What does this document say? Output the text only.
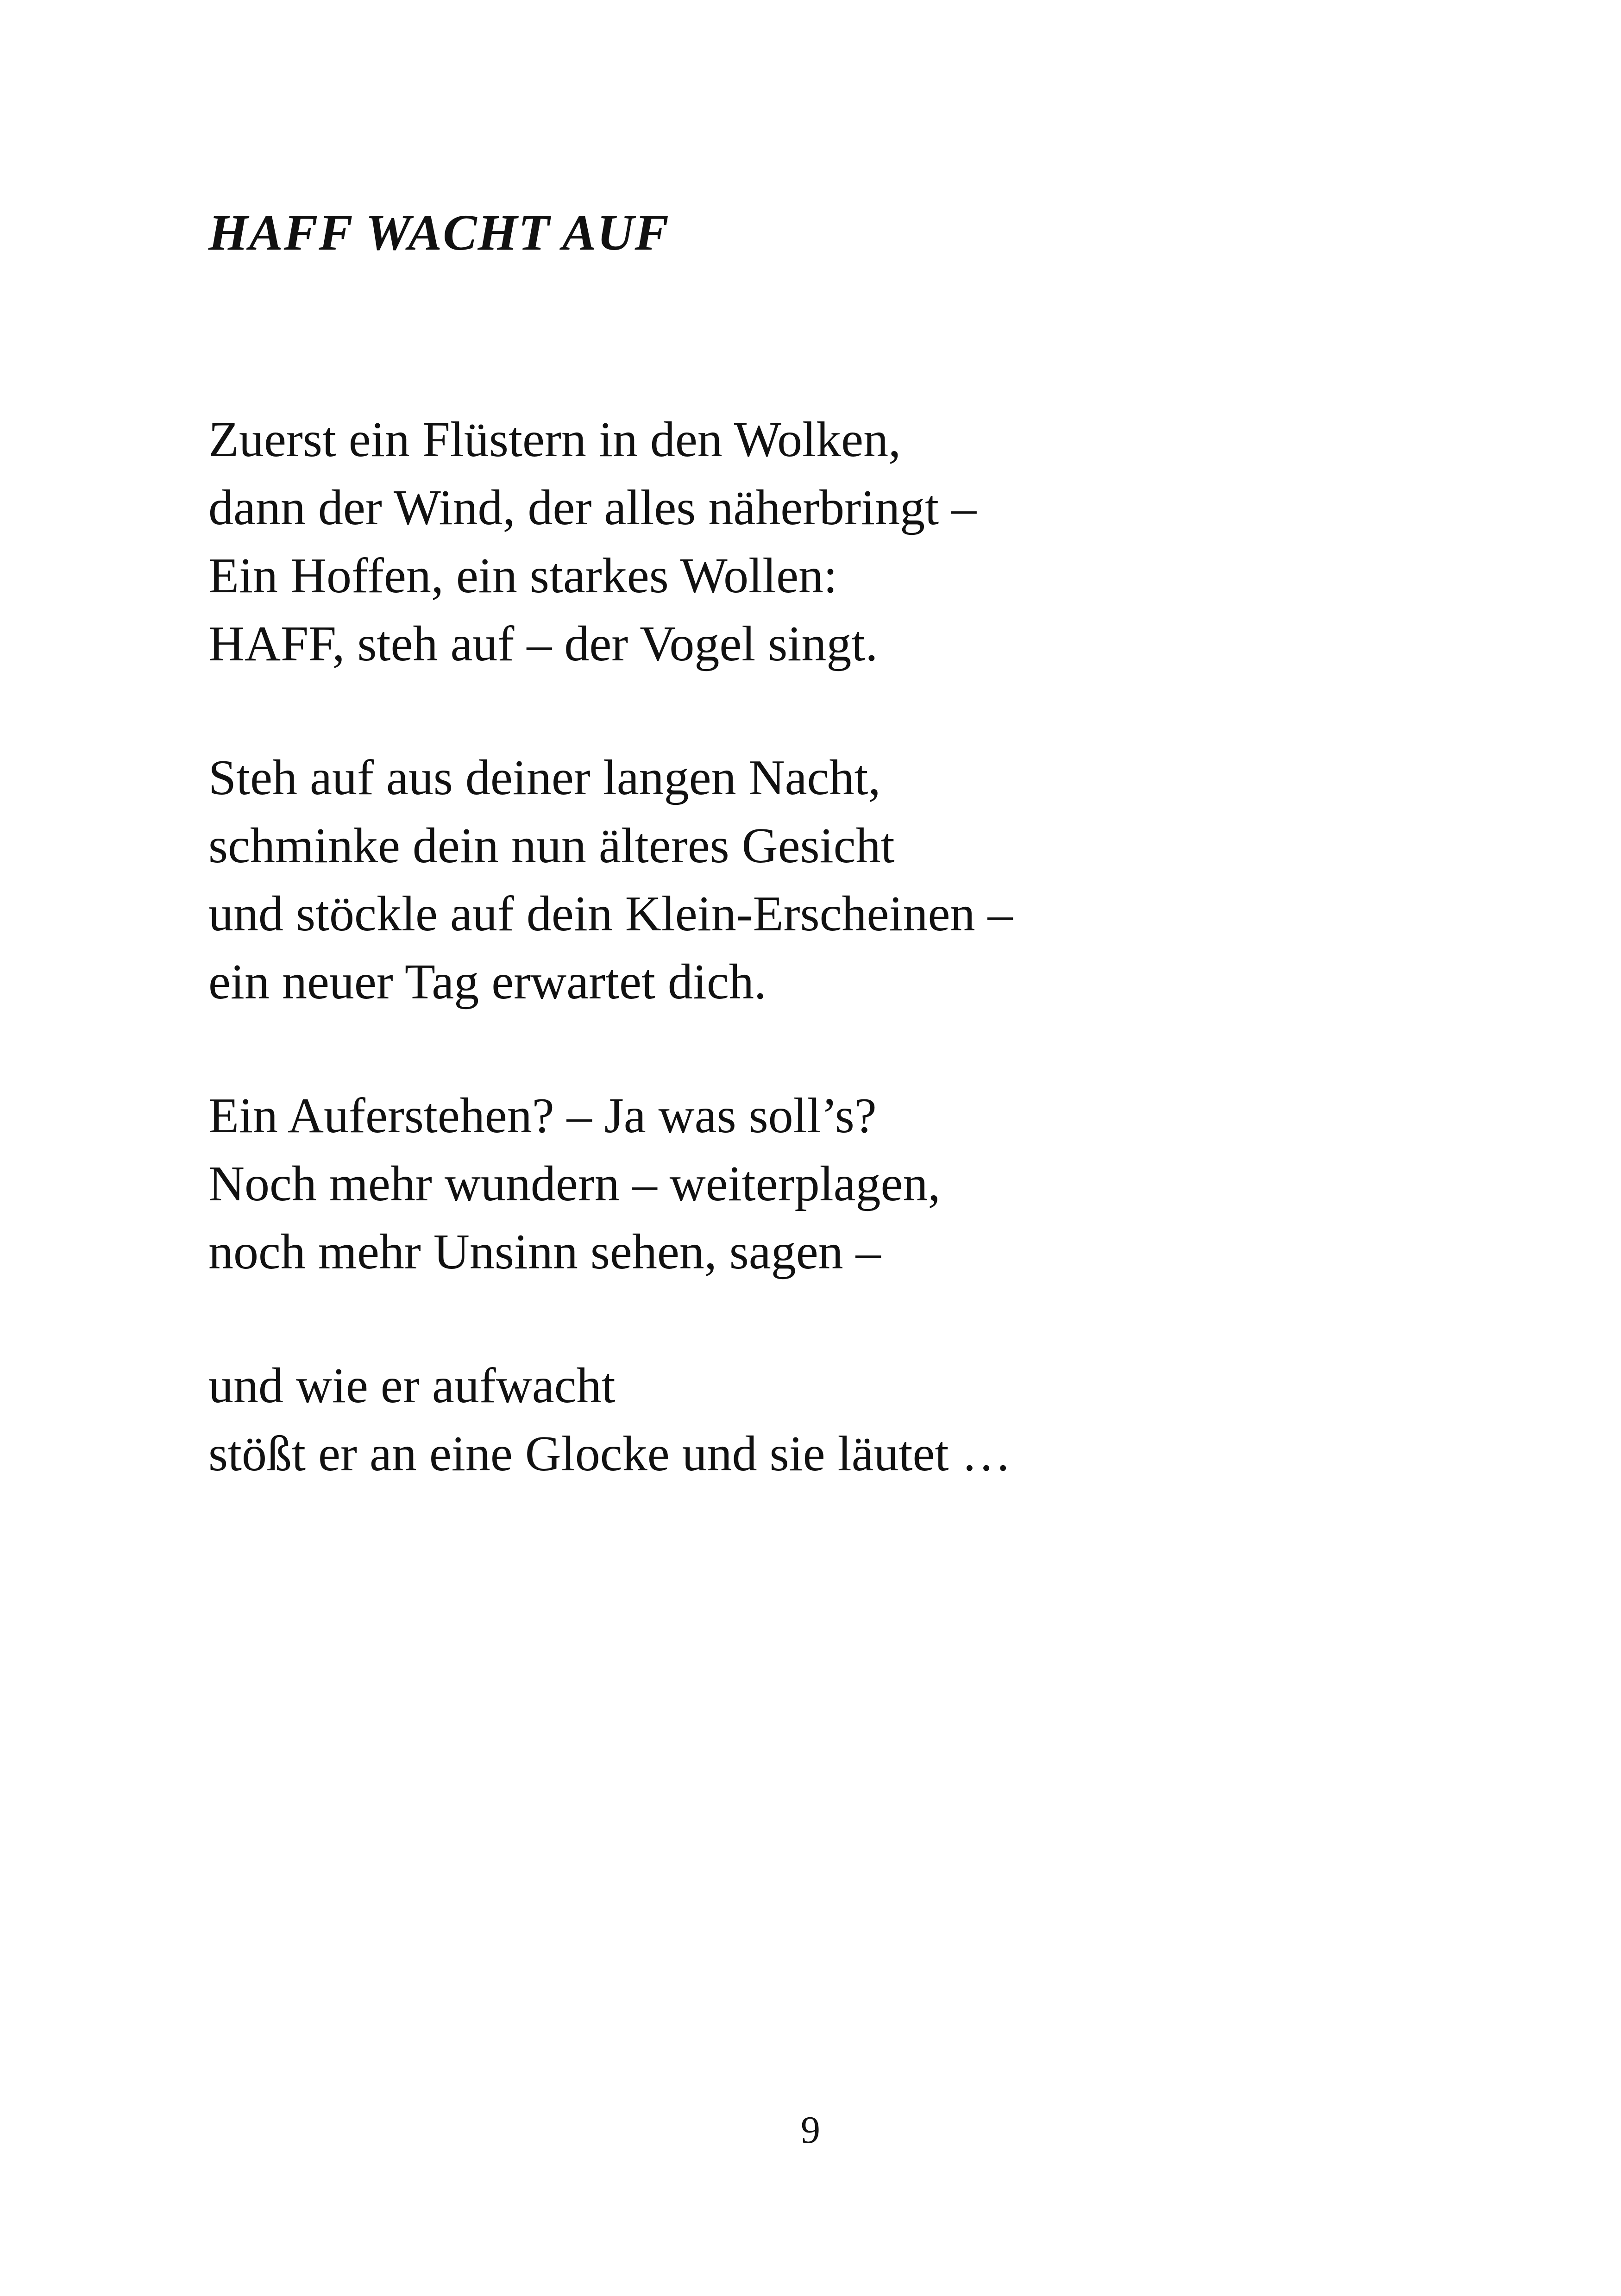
HAFF WACHT AUF

Zuerst ein Flüstern in den Wolken,

dann der Wind, der alles näherbringt –

Ein Hoffen, ein starkes Wollen:

HAFF, steh auf – der Vogel singt.

Steh auf aus deiner langen Nacht,

schminke dein nun älteres Gesicht

und stöckle auf dein Klein-Erscheinen –

ein neuer Tag erwartet dich.

Ein Auferstehen? – Ja was soll’s?

Noch mehr wundern – weiterplagen,

noch mehr Unsinn sehen, sagen –

und wie er aufwacht

stößt er an eine Glocke und sie läutet …

9
